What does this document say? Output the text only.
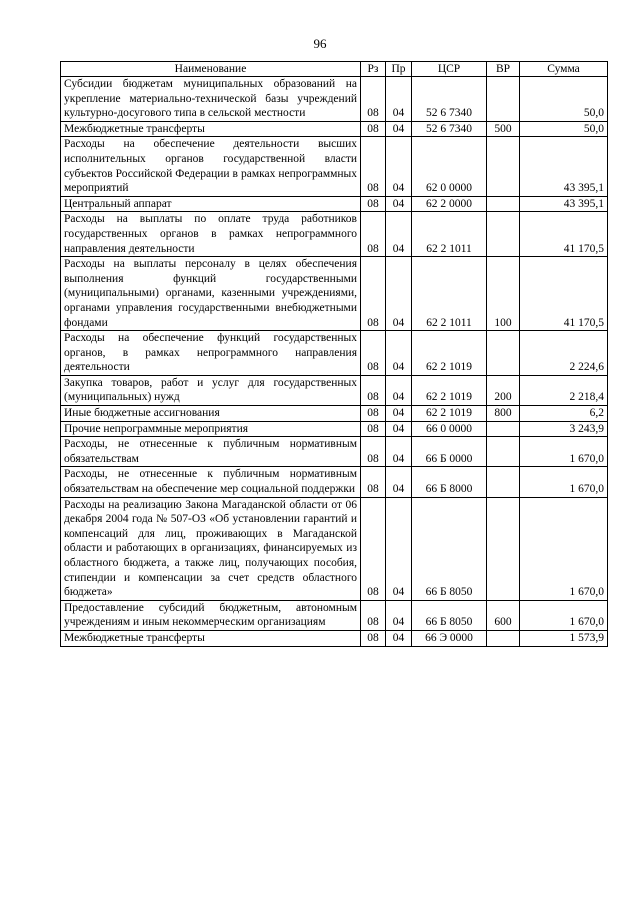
96
Наименование	Рз	Пр	ЦСР	ВР	Сумма
Субсидии бюджетам муниципальных образований на укрепление материально-технической базы учреждений культурно-досугового типа в сельской местности	08	04	52 6 7340		50,0
Межбюджетные трансферты	08	04	52 6 7340	500	50,0
Расходы на обеспечение деятельности высших исполнительных органов государственной власти субъектов Российской Федерации в рамках непрограммных мероприятий	08	04	62 0 0000		43 395,1
Центральный аппарат	08	04	62 2 0000		43 395,1
Расходы на выплаты по оплате труда работников государственных органов в рамках непрограммного направления деятельности	08	04	62 2 1011		41 170,5
Расходы на выплаты персоналу в целях обеспечения выполнения функций государственными (муниципальными) органами, казенными учреждениями, органами управления государственными внебюджетными фондами	08	04	62 2 1011	100	41 170,5
Расходы на обеспечение функций государственных органов, в рамках непрограммного направления деятельности	08	04	62 2 1019		2 224,6
Закупка товаров, работ и услуг для государственных (муниципальных) нужд	08	04	62 2 1019	200	2 218,4
Иные бюджетные ассигнования	08	04	62 2 1019	800	6,2
Прочие непрограммные мероприятия	08	04	66 0 0000		3 243,9
Расходы, не отнесенные к публичным нормативным обязательствам	08	04	66 Б 0000		1 670,0
Расходы, не отнесенные к публичным нормативным обязательствам на обеспечение мер социальной поддержки	08	04	66 Б 8000		1 670,0
Расходы на реализацию Закона Магаданской области от 06 декабря 2004 года № 507-ОЗ «Об установлении гарантий и компенсаций для лиц, проживающих в Магаданской области и работающих в организациях, финансируемых из областного бюджета, а также лиц, получающих пособия, стипендии и компенсации за счет средств областного бюджета»	08	04	66 Б 8050		1 670,0
Предоставление субсидий бюджетным, автономным учреждениям и иным некоммерческим организациям	08	04	66 Б 8050	600	1 670,0
Межбюджетные трансферты	08	04	66 Э 0000		1 573,9
